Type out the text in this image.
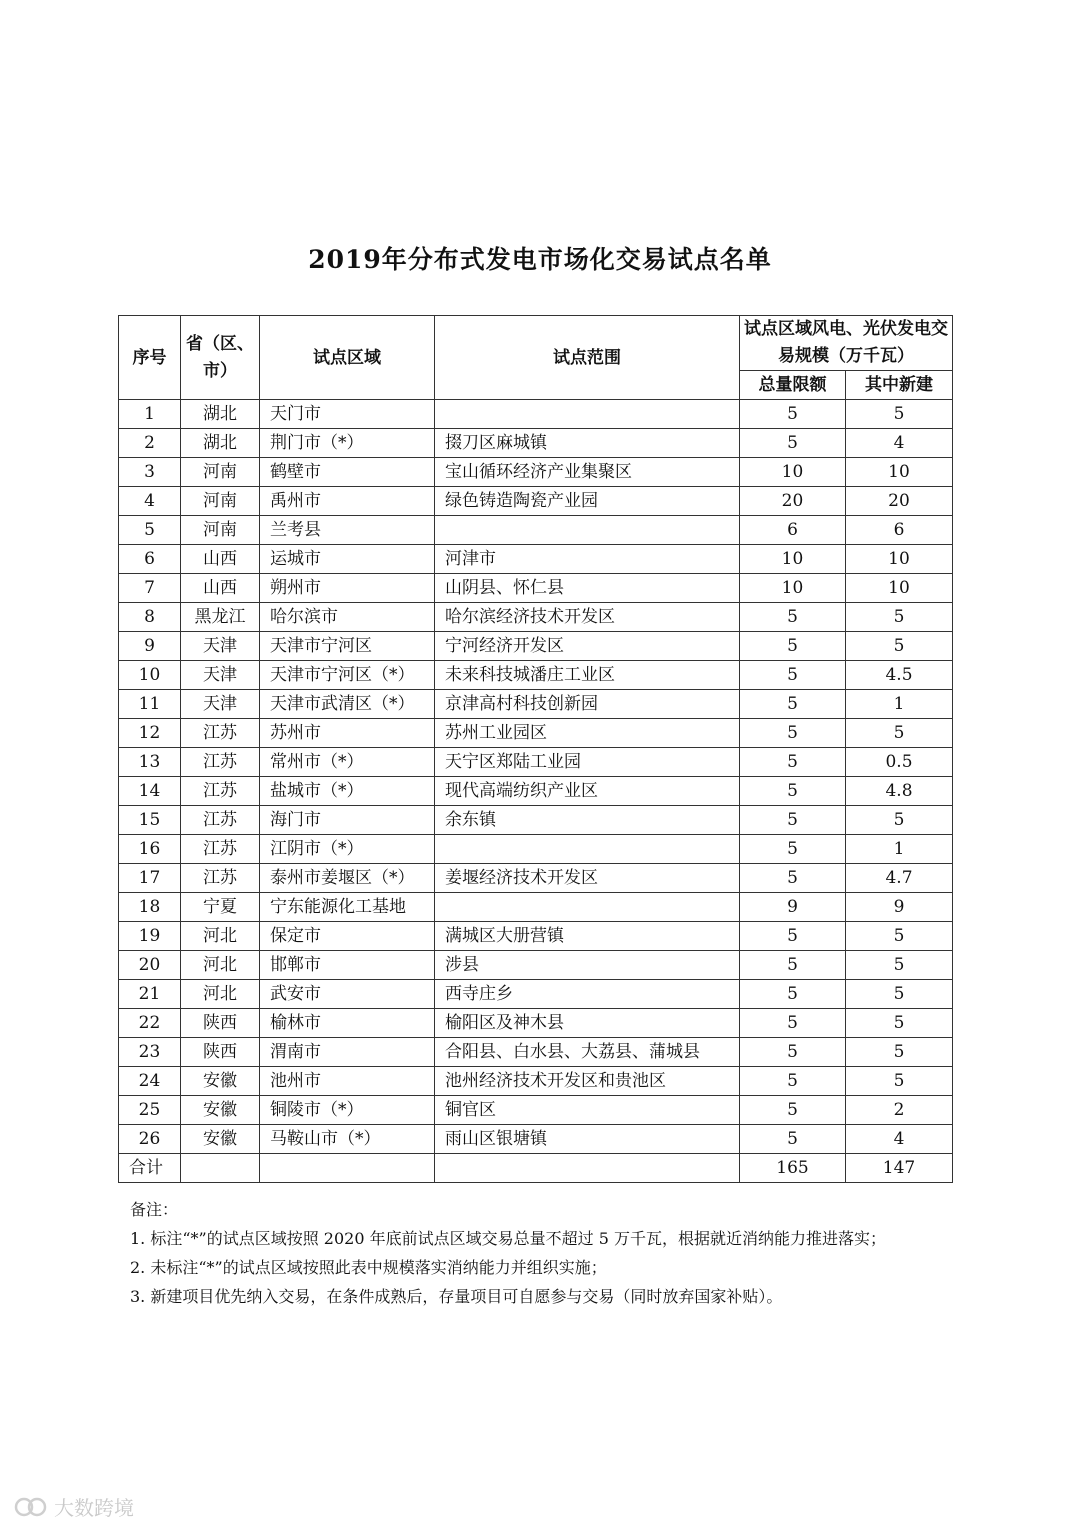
2019年分布式发电市场化交易试点名单
序号	省（区、市）	试点区域	试点范围	试点区域风电、光伏发电交易规模（万千瓦）	
				总量限额	其中新建
1	湖北	天门市		5	5
2	湖北	荆门市（*）	掇刀区麻城镇	5	4
3	河南	鹤壁市	宝山循环经济产业集聚区	10	10
4	河南	禹州市	绿色铸造陶瓷产业园	20	20
5	河南	兰考县		6	6
6	山西	运城市	河津市	10	10
7	山西	朔州市	山阴县、怀仁县	10	10
8	黑龙江	哈尔滨市	哈尔滨经济技术开发区	5	5
9	天津	天津市宁河区	宁河经济开发区	5	5
10	天津	天津市宁河区（*）	未来科技城潘庄工业区	5	4.5
11	天津	天津市武清区（*）	京津高村科技创新园	5	1
12	江苏	苏州市	苏州工业园区	5	5
13	江苏	常州市（*）	天宁区郑陆工业园	5	0.5
14	江苏	盐城市（*）	现代高端纺织产业区	5	4.8
15	江苏	海门市	余东镇	5	5
16	江苏	江阴市（*）		5	1
17	江苏	泰州市姜堰区（*）	姜堰经济技术开发区	5	4.7
18	宁夏	宁东能源化工基地		9	9
19	河北	保定市	满城区大册营镇	5	5
20	河北	邯郸市	涉县	5	5
21	河北	武安市	西寺庄乡	5	5
22	陕西	榆林市	榆阳区及神木县	5	5
23	陕西	渭南市	合阳县、白水县、大荔县、蒲城县	5	5
24	安徽	池州市	池州经济技术开发区和贵池区	5	5
25	安徽	铜陵市（*）	铜官区	5	2
26	安徽	马鞍山市（*）	雨山区银塘镇	5	4
合计				165	147

备注：

1. 标注“*”的试点区域按照 2020 年底前试点区域交易总量不超过 5 万千瓦，根据就近消纳能力推进落实；

2. 未标注“*”的试点区域按照此表中规模落实消纳能力并组织实施；

3. 新建项目优先纳入交易，在条件成熟后，存量项目可自愿参与交易（同时放弃国家补贴）。

大数跨境
